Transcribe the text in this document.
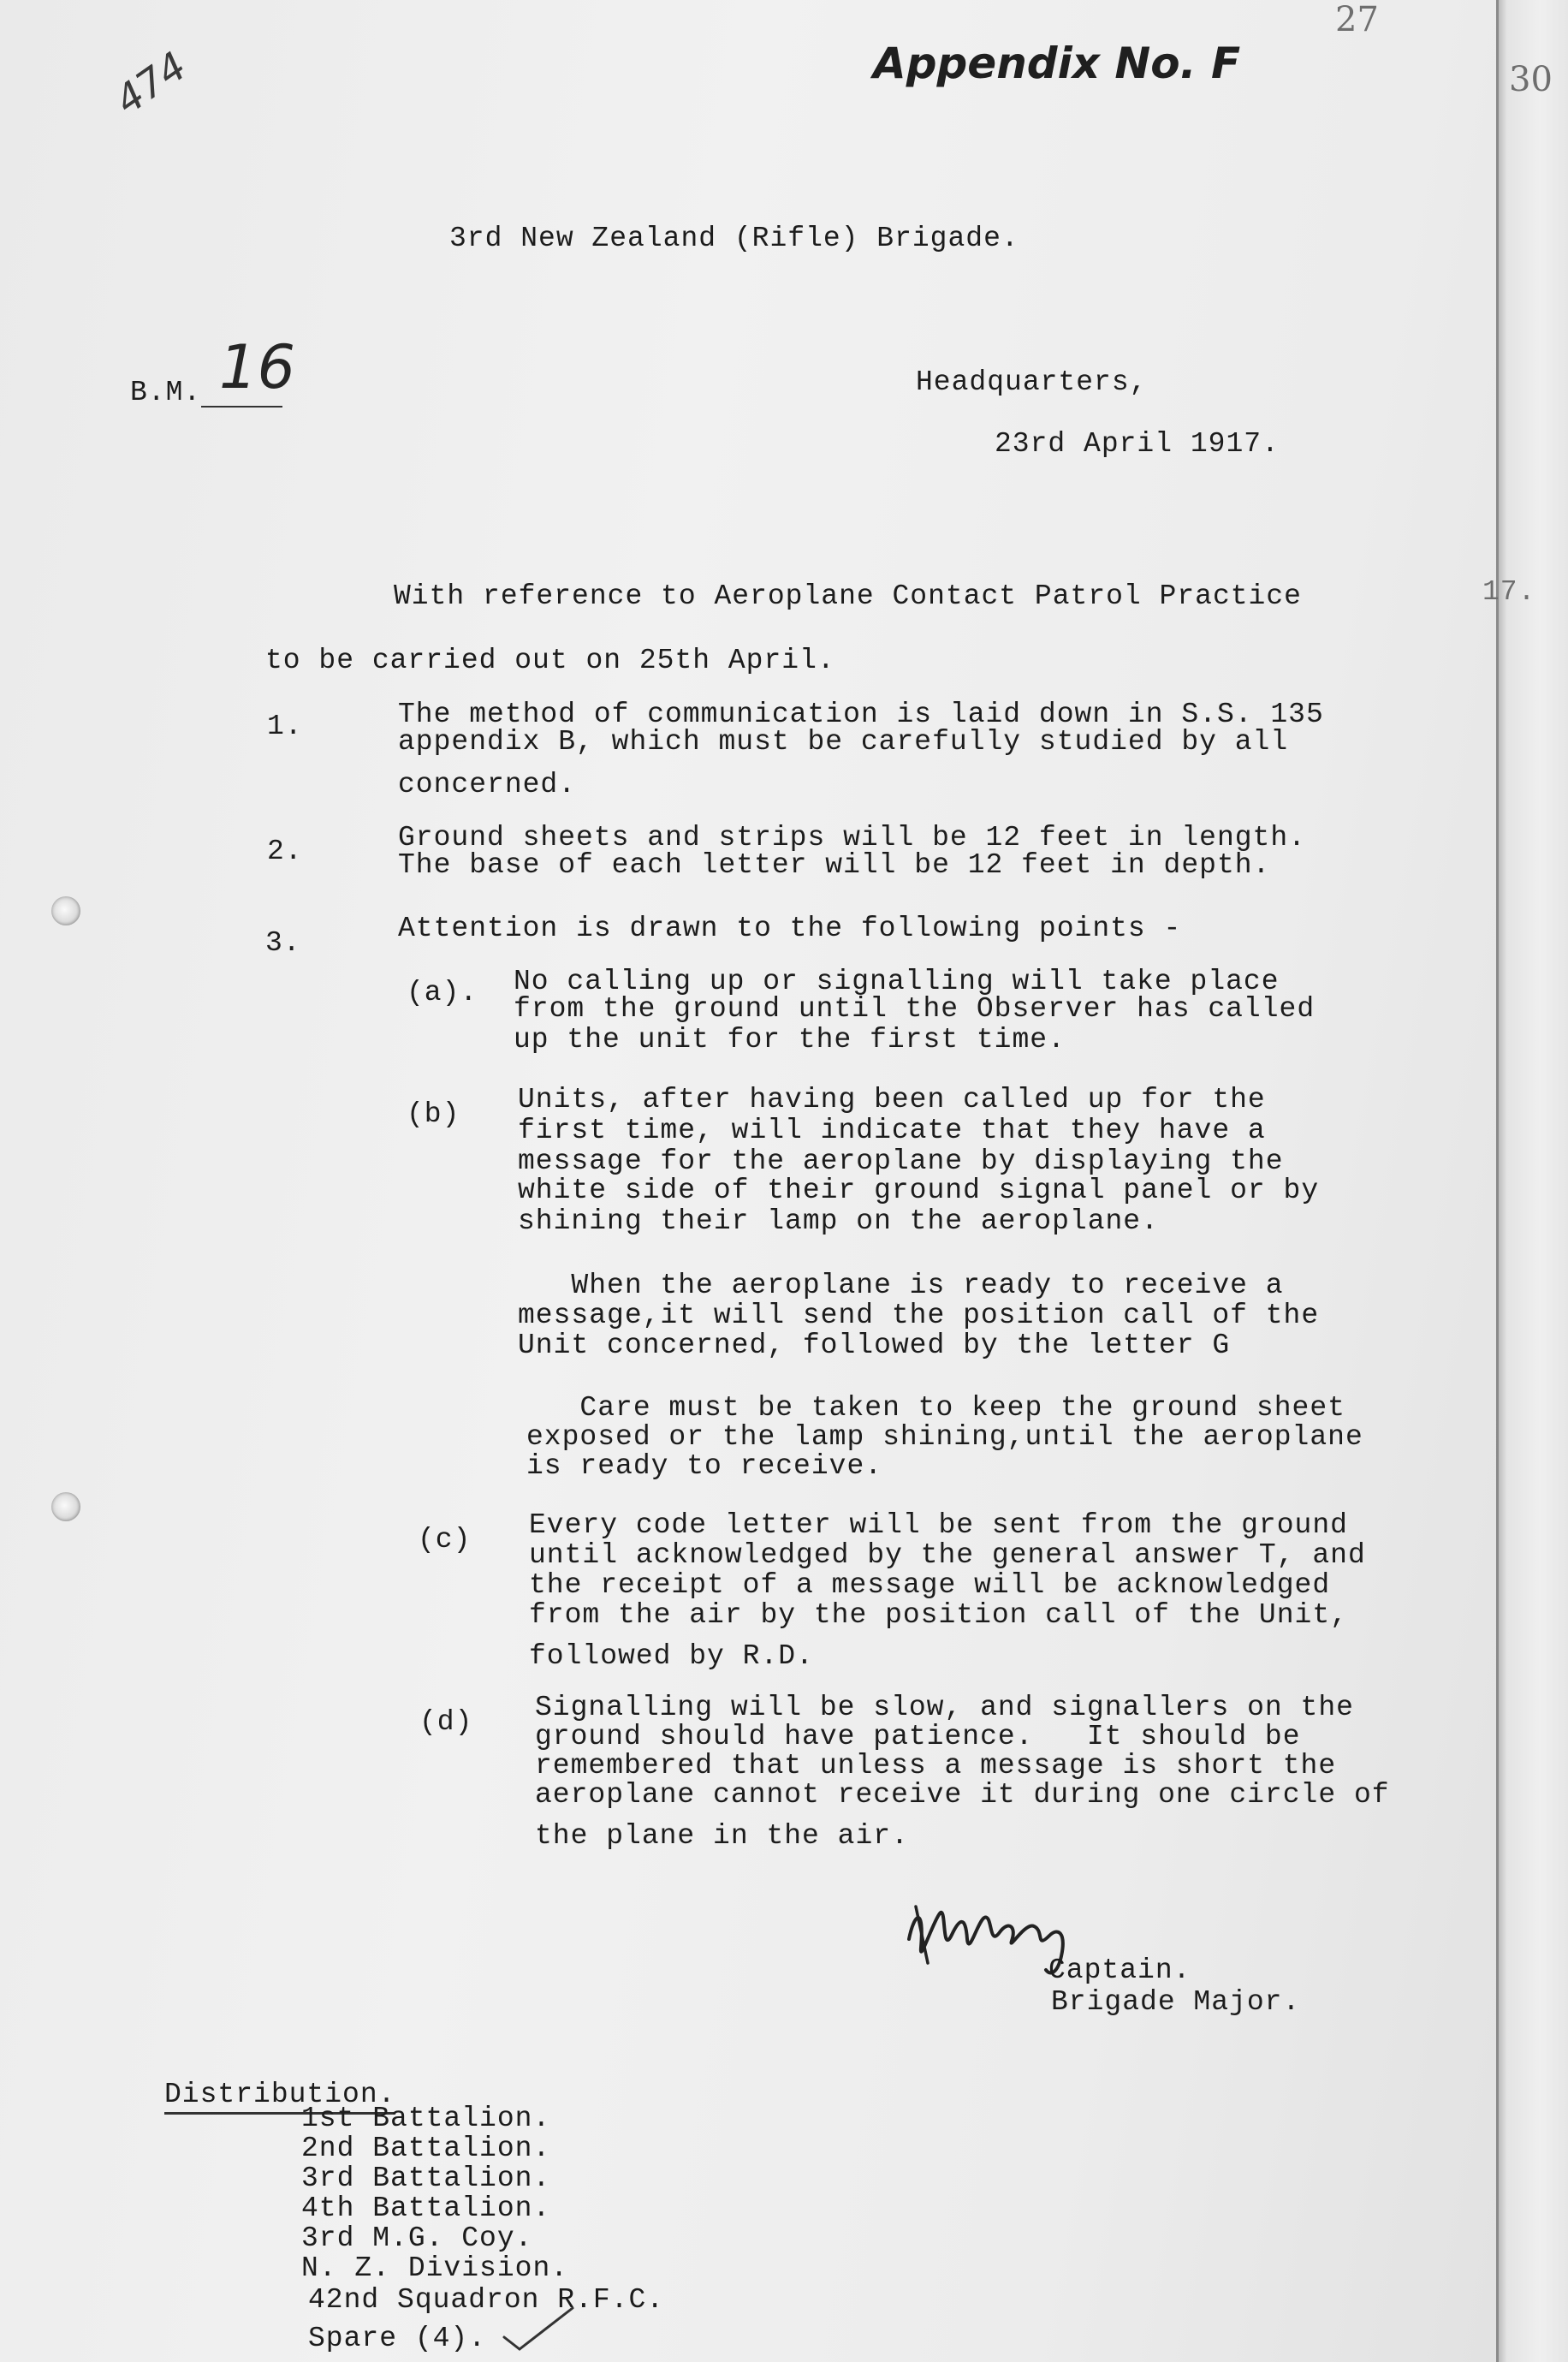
30
474	Appendix No. F
27
17.
3rd New Zealand (Rifle) Brigade.
B.M. 16	Headquarters,
23rd April 1917.
With reference to Aeroplane Contact Patrol Practice
to be carried out on 25th April.
1.	The method of communication is laid down in S.S. 135
appendix B, which must be carefully studied by all
concerned.
2.	Ground sheets and strips will be 12 feet in length.
The base of each letter will be 12 feet in depth.
3.	Attention is drawn to the following points -
(a). No calling up or signalling will take place
from the ground until the Observer has called
up the unit for the first time.
(b) Units, after having been called up for the
first time, will indicate that they have a
message for the aeroplane by displaying the
white side of their ground signal panel or by
shining their lamp on the aeroplane.
When the aeroplane is ready to receive a
message,it will send the position call of the
Unit concerned, followed by the letter G
Care must be taken to keep the ground sheet
exposed or the lamp shining,until the aeroplane
is ready to receive.
(c) Every code letter will be sent from the ground
until acknowledged by the general answer T, and
the receipt of a message will be acknowledged
from the air by the position call of the Unit,
followed by R.D.
(d) Signalling will be slow, and signallers on the
ground should have patience.   It should be
remembered that unless a message is short the
aeroplane cannot receive it during one circle of
the plane in the air.
Captain.
Brigade Major.
Distribution.
1st Battalion.
2nd Battalion.
3rd Battalion.
4th Battalion.
3rd M.G. Coy.
N. Z. Division.
42nd Squadron R.F.C.
Spare (4).
